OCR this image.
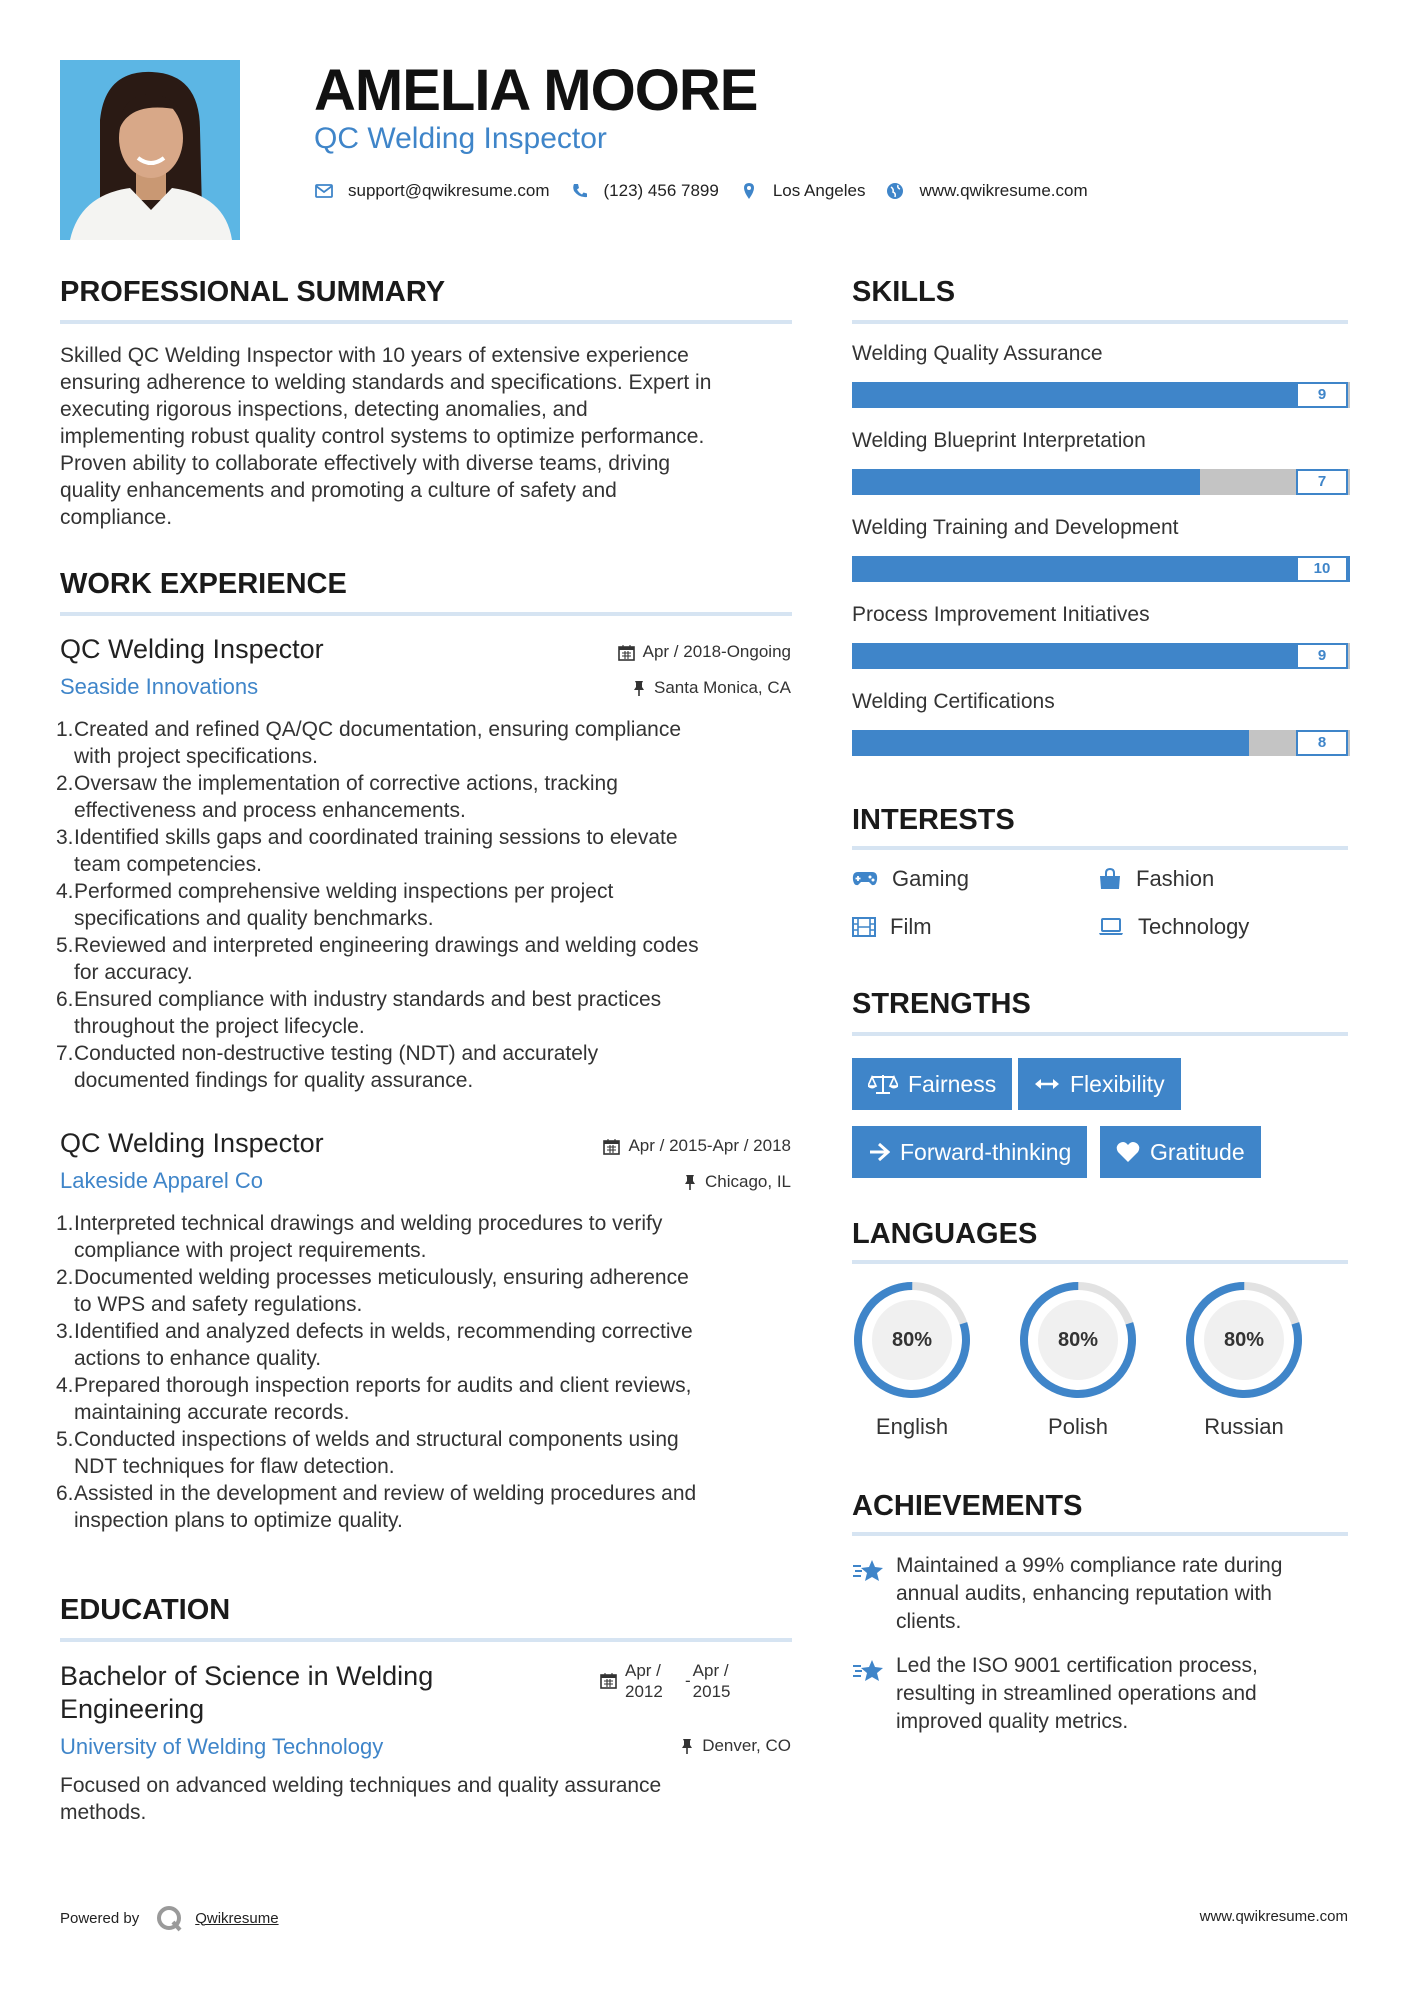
AMELIA MOORE
QC Welding Inspector
support@qwikresume.com	(123) 456 7899	Los Angeles	www.qwikresume.com
PROFESSIONAL SUMMARY
Skilled QC Welding Inspector with 10 years of extensive experience
ensuring adherence to welding standards and specifications. Expert in
executing rigorous inspections, detecting anomalies, and
implementing robust quality control systems to optimize performance.
Proven ability to collaborate effectively with diverse teams, driving
quality enhancements and promoting a culture of safety and
compliance.
WORK EXPERIENCE
QC Welding Inspector	Apr / 2018-Ongoing
Seaside Innovations	Santa Monica, CA
1. Created and refined QA/QC documentation, ensuring compliance
with project specifications.
2. Oversaw the implementation of corrective actions, tracking
effectiveness and process enhancements.
3. Identified skills gaps and coordinated training sessions to elevate
team competencies.
4. Performed comprehensive welding inspections per project
specifications and quality benchmarks.
5. Reviewed and interpreted engineering drawings and welding codes
for accuracy.
6. Ensured compliance with industry standards and best practices
throughout the project lifecycle.
7. Conducted non-destructive testing (NDT) and accurately
documented findings for quality assurance.
QC Welding Inspector	Apr / 2015-Apr / 2018
Lakeside Apparel Co	Chicago, IL
1. Interpreted technical drawings and welding procedures to verify
compliance with project requirements.
2. Documented welding processes meticulously, ensuring adherence
to WPS and safety regulations.
3. Identified and analyzed defects in welds, recommending corrective
actions to enhance quality.
4. Prepared thorough inspection reports for audits and client reviews,
maintaining accurate records.
5. Conducted inspections of welds and structural components using
NDT techniques for flaw detection.
6. Assisted in the development and review of welding procedures and
inspection plans to optimize quality.
EDUCATION
Bachelor of Science in Welding
Engineering
Apr /
2012
-
Apr /
2015
University of Welding Technology	Denver, CO
Focused on advanced welding techniques and quality assurance
methods.
SKILLS
Welding Quality Assurance
9
Welding Blueprint Interpretation
7
Welding Training and Development
10
Process Improvement Initiatives
9
Welding Certifications
8
INTERESTS
Gaming	Fashion
Film	Technology
STRENGTHS
Fairness	Flexibility
Forward-thinking	Gratitude
LANGUAGES
80%
English
80%
Polish
80%
Russian
ACHIEVEMENTS
Maintained a 99% compliance rate during
annual audits, enhancing reputation with
clients.
Led the ISO 9001 certification process,
resulting in streamlined operations and
improved quality metrics.
Powered by	Qwikresume	www.qwikresume.com
